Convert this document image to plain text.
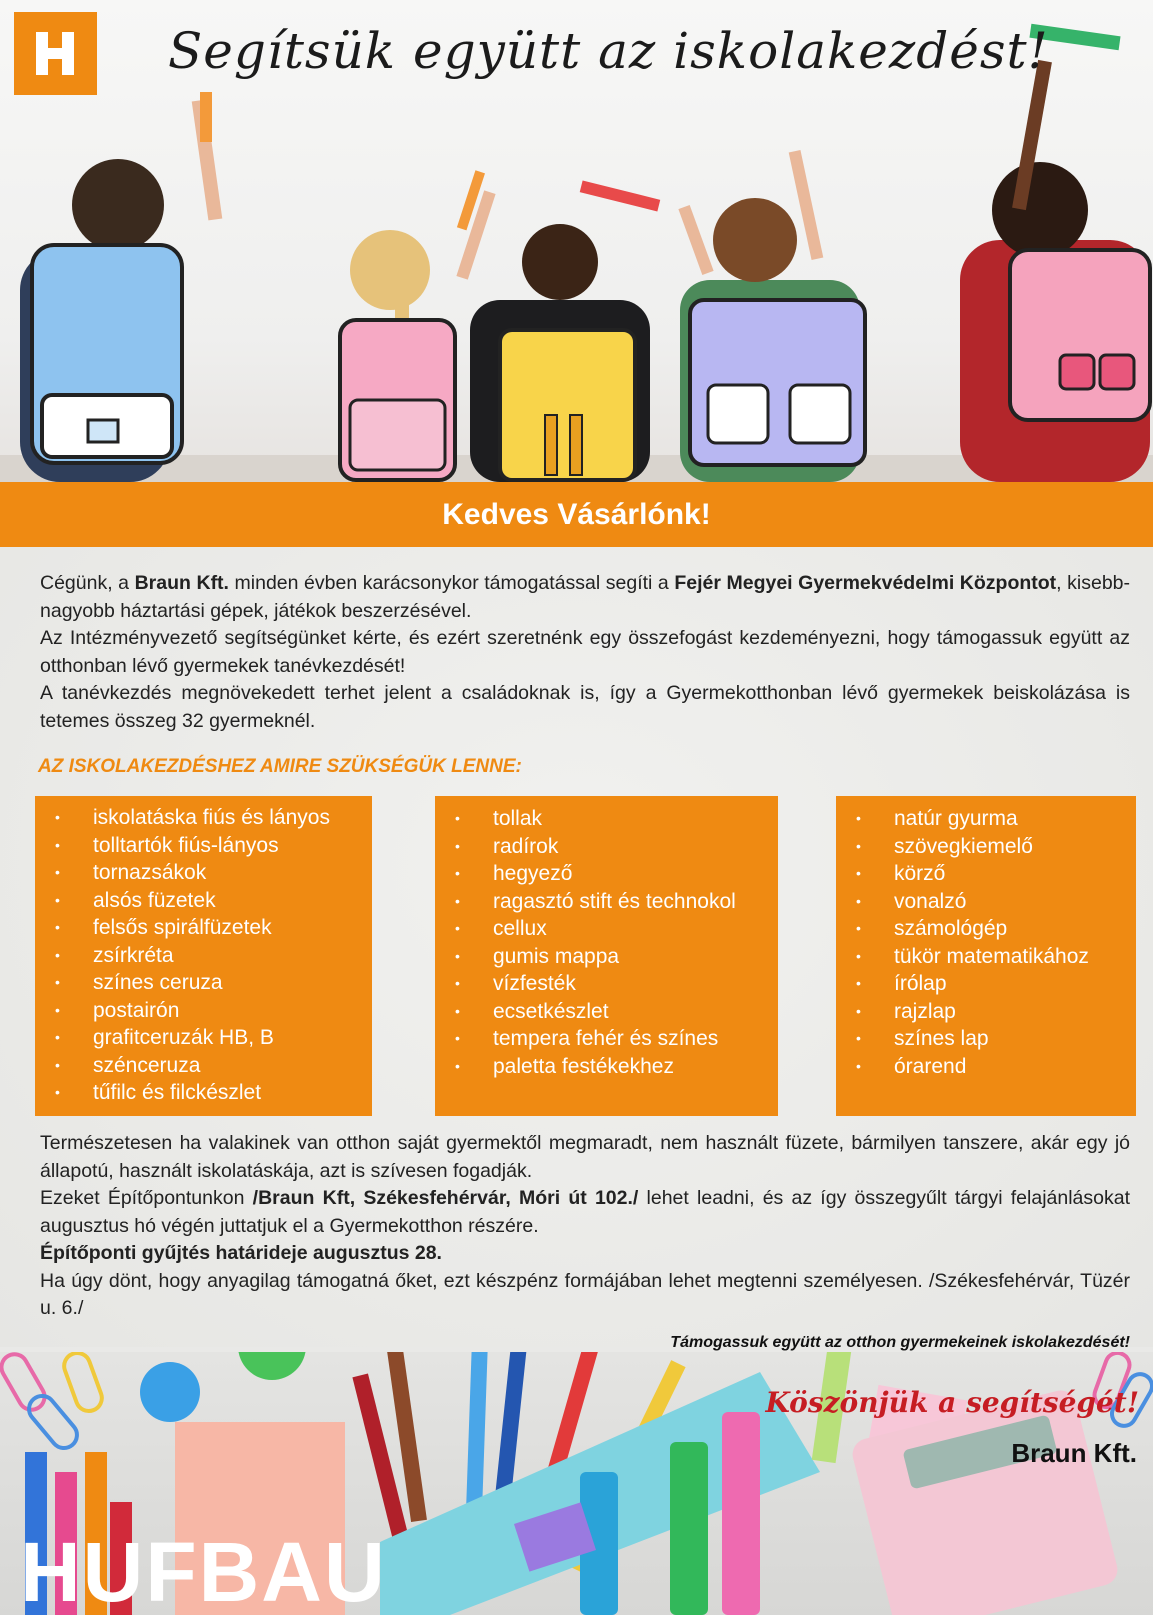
Segítsük együtt az iskolakezdést!
Kedves Vásárlónk!
Cégünk, a Braun Kft. minden évben karácsonykor támogatással segíti a Fejér Megyei Gyermekvédelmi Központot, kisebb-nagyobb háztartási gépek, játékok beszerzésével.
Az Intézményvezető segítségünket kérte, és ezért szeretnénk egy összefogást kezdeményezni, hogy támogassuk együtt az otthonban lévő gyermekek tanévkezdését!
A tanévkezdés megnövekedett terhet jelent a családoknak is, így a Gyermekotthonban lévő gyermekek beiskolázása is tetemes összeg 32 gyermeknél.
AZ ISKOLAKEZDÉSHEZ AMIRE SZÜKSÉGÜK LENNE:
• iskolatáska fiús és lányos
• tolltartók fiús-lányos
• tornazsákok
• alsós füzetek
• felsős spirálfüzetek
• zsírkréta
• színes ceruza
• postairón
• grafitceruzák HB, B
• szénceruza
• tűfilc és filckészlet
• tollak
• radírok
• hegyező
• ragasztó stift és technokol
• cellux
• gumis mappa
• vízfesték
• ecsetkészlet
• tempera fehér és színes
• paletta festékekhez
• natúr gyurma
• szövegkiemelő
• körző
• vonalzó
• számológép
• tükör matematikához
• írólap
• rajzlap
• színes lap
• órarend
Természetesen ha valakinek van otthon saját gyermektől megmaradt, nem használt füzete, bármilyen tanszere, akár egy jó állapotú, használt iskolatáskája, azt is szívesen fogadják.
Ezeket Építőpontunkon /Braun Kft, Székesfehérvár, Móri út 102./ lehet leadni, és az így összegyűlt tárgyi felajánlásokat augusztus hó végén juttatjuk el a Gyermekotthon részére.
Építőponti gyűjtés határideje augusztus 28.
Ha úgy dönt, hogy anyagilag támogatná őket, ezt készpénz formájában lehet megtenni személyesen. /Székesfehérvár, Tüzér u. 6./
Támogassuk együtt az otthon gyermekeinek iskolakezdését!
Köszönjük a segítségét!
Braun Kft.
HUFBAU
